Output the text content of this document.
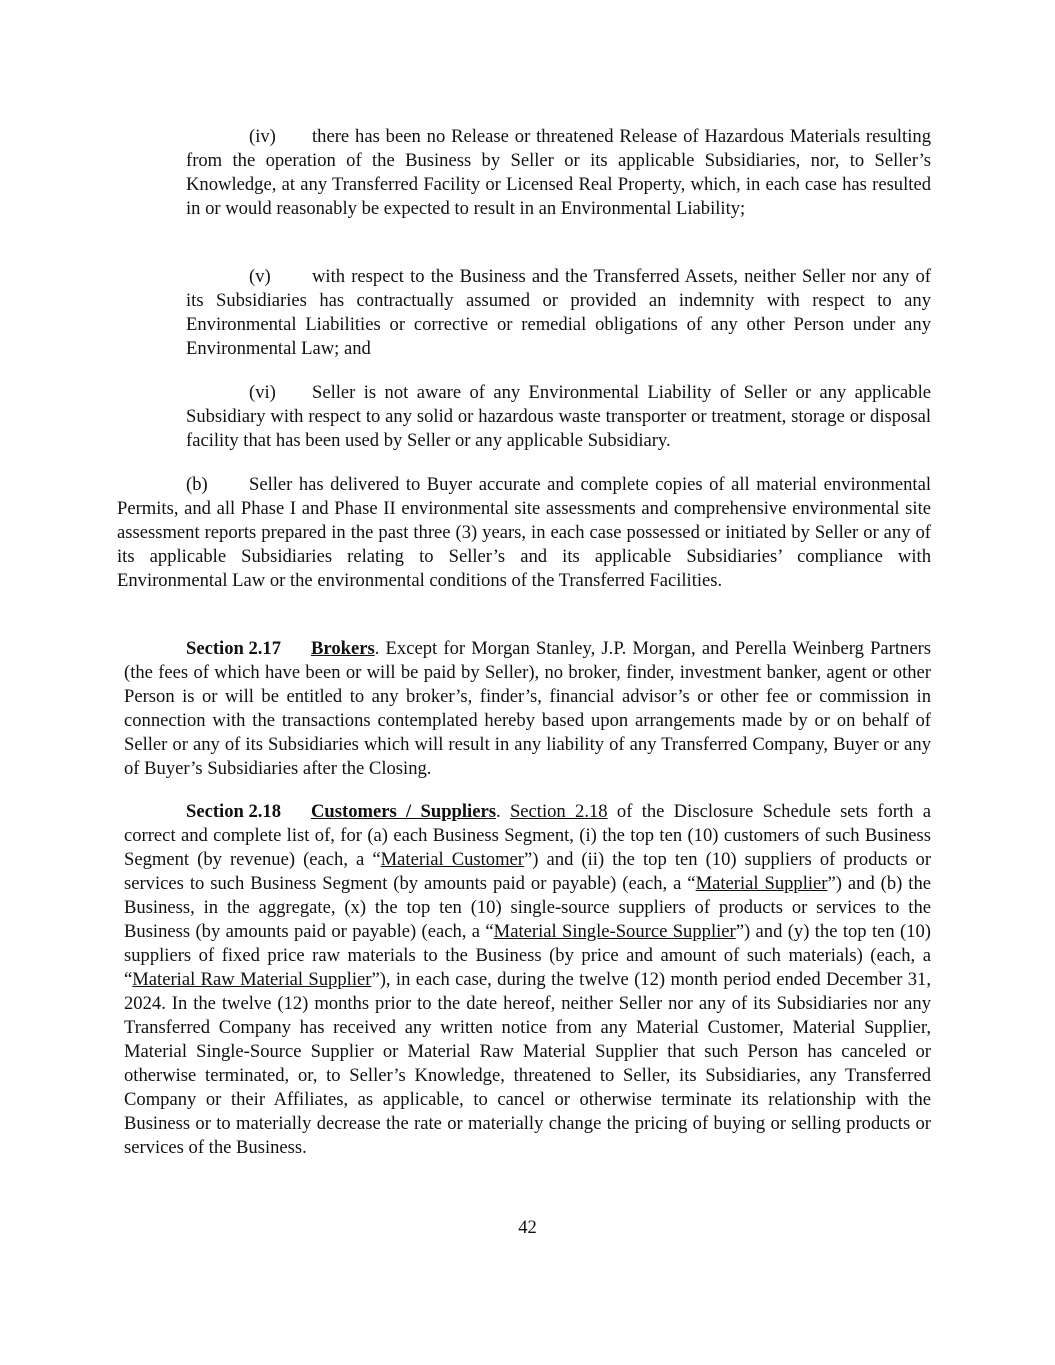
(iv) there has been no Release or threatened Release of Hazardous Materials resulting from the operation of the Business by Seller or its applicable Subsidiaries, nor, to Seller’s Knowledge, at any Transferred Facility or Licensed Real Property, which, in each case has resulted in or would reasonably be expected to result in an Environmental Liability;

(v) with respect to the Business and the Transferred Assets, neither Seller nor any of its Subsidiaries has contractually assumed or provided an indemnity with respect to any Environmental Liabilities or corrective or remedial obligations of any other Person under any Environmental Law; and

(vi) Seller is not aware of any Environmental Liability of Seller or any applicable Subsidiary with respect to any solid or hazardous waste transporter or treatment, storage or disposal facility that has been used by Seller or any applicable Subsidiary.

(b) Seller has delivered to Buyer accurate and complete copies of all material environmental Permits, and all Phase I and Phase II environmental site assessments and comprehensive environmental site assessment reports prepared in the past three (3) years, in each case possessed or initiated by Seller or any of its applicable Subsidiaries relating to Seller’s and its applicable Subsidiaries’ compliance with Environmental Law or the environmental conditions of the Transferred Facilities.

Section 2.17 Brokers. Except for Morgan Stanley, J.P. Morgan, and Perella Weinberg Partners (the fees of which have been or will be paid by Seller), no broker, finder, investment banker, agent or other Person is or will be entitled to any broker’s, finder’s, financial advisor’s or other fee or commission in connection with the transactions contemplated hereby based upon arrangements made by or on behalf of Seller or any of its Subsidiaries which will result in any liability of any Transferred Company, Buyer or any of Buyer’s Subsidiaries after the Closing.

Section 2.18 Customers / Suppliers. Section 2.18 of the Disclosure Schedule sets forth a correct and complete list of, for (a) each Business Segment, (i) the top ten (10) customers of such Business Segment (by revenue) (each, a “Material Customer”) and (ii) the top ten (10) suppliers of products or services to such Business Segment (by amounts paid or payable) (each, a “Material Supplier”) and (b) the Business, in the aggregate, (x) the top ten (10) single-source suppliers of products or services to the Business (by amounts paid or payable) (each, a “Material Single-Source Supplier”) and (y) the top ten (10) suppliers of fixed price raw materials to the Business (by price and amount of such materials) (each, a “Material Raw Material Supplier”), in each case, during the twelve (12) month period ended December 31, 2024. In the twelve (12) months prior to the date hereof, neither Seller nor any of its Subsidiaries nor any Transferred Company has received any written notice from any Material Customer, Material Supplier, Material Single-Source Supplier or Material Raw Material Supplier that such Person has canceled or otherwise terminated, or, to Seller’s Knowledge, threatened to Seller, its Subsidiaries, any Transferred Company or their Affiliates, as applicable, to cancel or otherwise terminate its relationship with the Business or to materially decrease the rate or materially change the pricing of buying or selling products or services of the Business.

42
